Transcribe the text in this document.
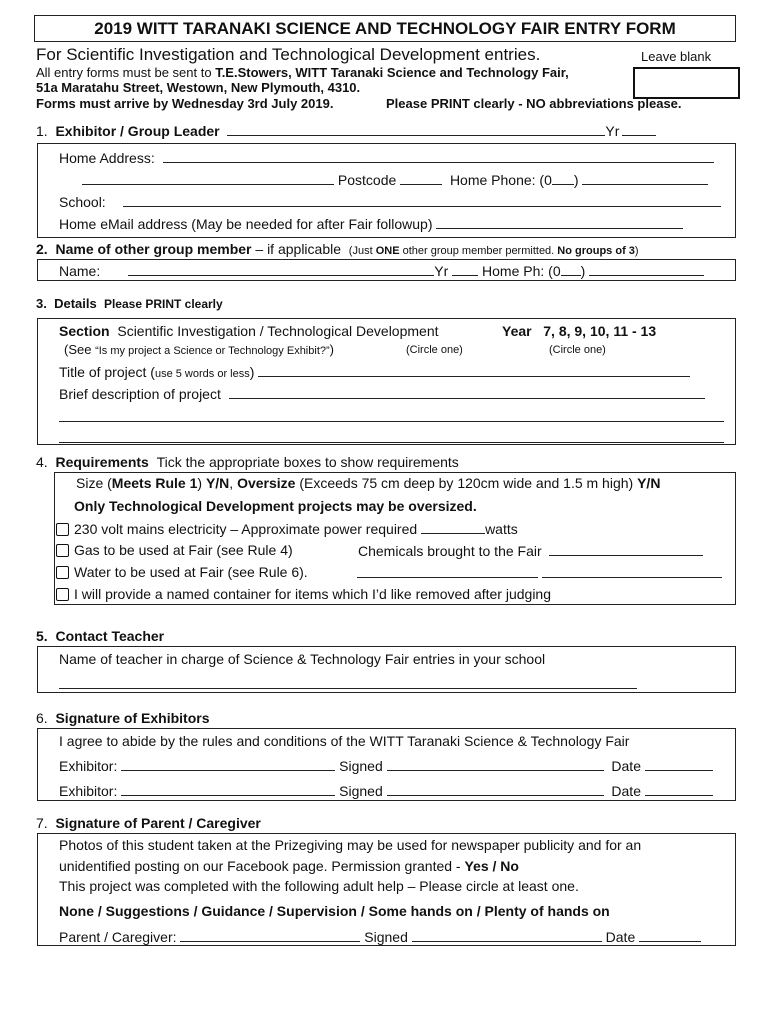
2019 WITT TARANAKI SCIENCE AND TECHNOLOGY FAIR ENTRY FORM
For Scientific Investigation and Technological Development entries.	Leave blank
All entry forms must be sent to T.E.Stowers, WITT Taranaki Science and Technology Fair,
51a Maratahu Street, Westown, New Plymouth, 4310.
Forms must arrive by Wednesday 3rd July 2019.	Please PRINT clearly - NO abbreviations please.
1. Exhibitor / Group Leader	Yr
Home Address:
Postcode	Home Phone: (0 )
School:
Home eMail address (May be needed for after Fair followup)
2. Name of other group member – if applicable (Just ONE other group member permitted. No groups of 3)
Name:	Yr Home Ph: (0 )
3. Details Please PRINT clearly
Section Scientific Investigation / Technological Development	Year 7, 8, 9, 10, 11 - 13
(See “Is my project a Science or Technology Exhibit?”)	(Circle one)	(Circle one)
Title of project (use 5 words or less)
Brief description of project
4. Requirements Tick the appropriate boxes to show requirements
Size (Meets Rule 1) Y/N, Oversize (Exceeds 75 cm deep by 120cm wide and 1.5 m high) Y/N
Only Technological Development projects may be oversized.
230 volt mains electricity – Approximate power required	watts
Gas to be used at Fair (see Rule 4)	Chemicals brought to the Fair
Water to be used at Fair (see Rule 6).

I will provide a named container for items which I’d like removed after judging
5. Contact Teacher
Name of teacher in charge of Science & Technology Fair entries in your school
6. Signature of Exhibitors
I agree to abide by the rules and conditions of the WITT Taranaki Science & Technology Fair
Exhibitor:	Signed	Date
Exhibitor:	Signed	Date
7. Signature of Parent / Caregiver
Photos of this student taken at the Prizegiving may be used for newspaper publicity and for an
unidentified posting on our Facebook page. Permission granted - Yes / No
This project was completed with the following adult help – Please circle at least one.
None / Suggestions / Guidance / Supervision / Some hands on / Plenty of hands on
Parent / Caregiver:	Signed	Date
